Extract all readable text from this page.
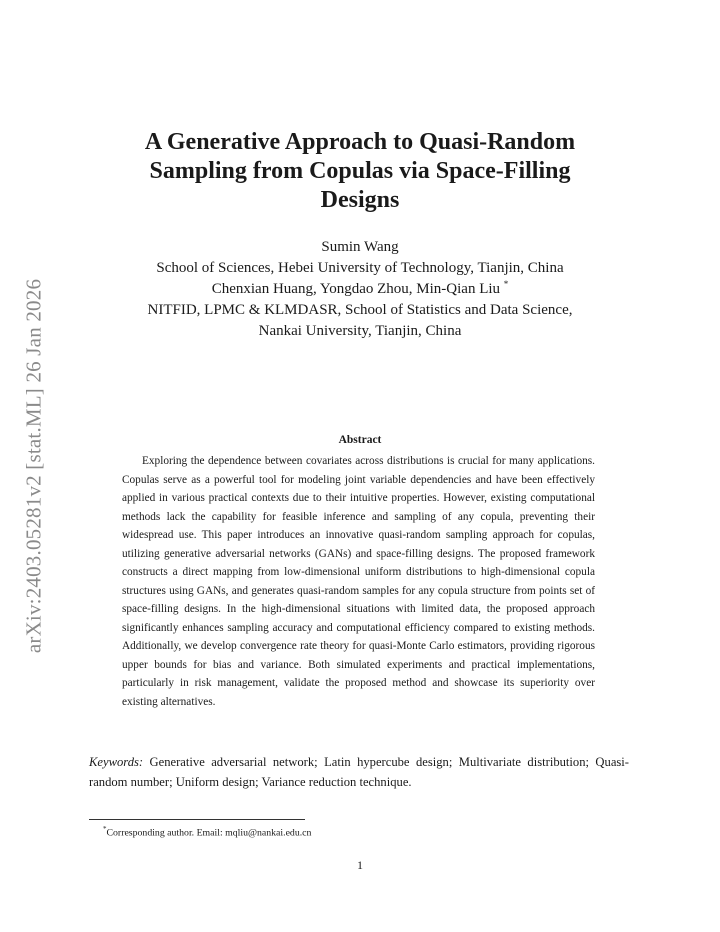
arXiv:2403.05281v2 [stat.ML] 26 Jan 2026
A Generative Approach to Quasi-Random
Sampling from Copulas via Space-Filling
Designs
Sumin Wang
School of Sciences, Hebei University of Technology, Tianjin, China
Chenxian Huang, Yongdao Zhou, Min-Qian Liu *
NITFID, LPMC & KLMDASR, School of Statistics and Data Science,
Nankai University, Tianjin, China
Abstract

Exploring the dependence between covariates across distributions is crucial for many applications. Copulas serve as a powerful tool for modeling joint variable dependencies and have been effectively applied in various practical contexts due to their intuitive properties. However, existing computational methods lack the capability for feasible inference and sampling of any copula, preventing their widespread use. This paper introduces an innovative quasi-random sampling approach for copulas, utilizing generative adversarial networks (GANs) and space-filling designs. The proposed framework constructs a direct mapping from low-dimensional uniform distributions to high-dimensional copula structures using GANs, and generates quasi-random samples for any copula structure from points set of space-filling designs. In the high-dimensional situations with limited data, the proposed approach significantly enhances sampling accuracy and computational efficiency compared to existing methods. Additionally, we develop convergence rate theory for quasi-Monte Carlo estimators, providing rigorous upper bounds for bias and variance. Both simulated experiments and practical implementations, particularly in risk management, validate the proposed method and showcase its superiority over existing alternatives.

Keywords: Generative adversarial network; Latin hypercube design; Multivariate distribution; Quasi-random number; Uniform design; Variance reduction technique.

*Corresponding author. Email: mqliu@nankai.edu.cn

1
